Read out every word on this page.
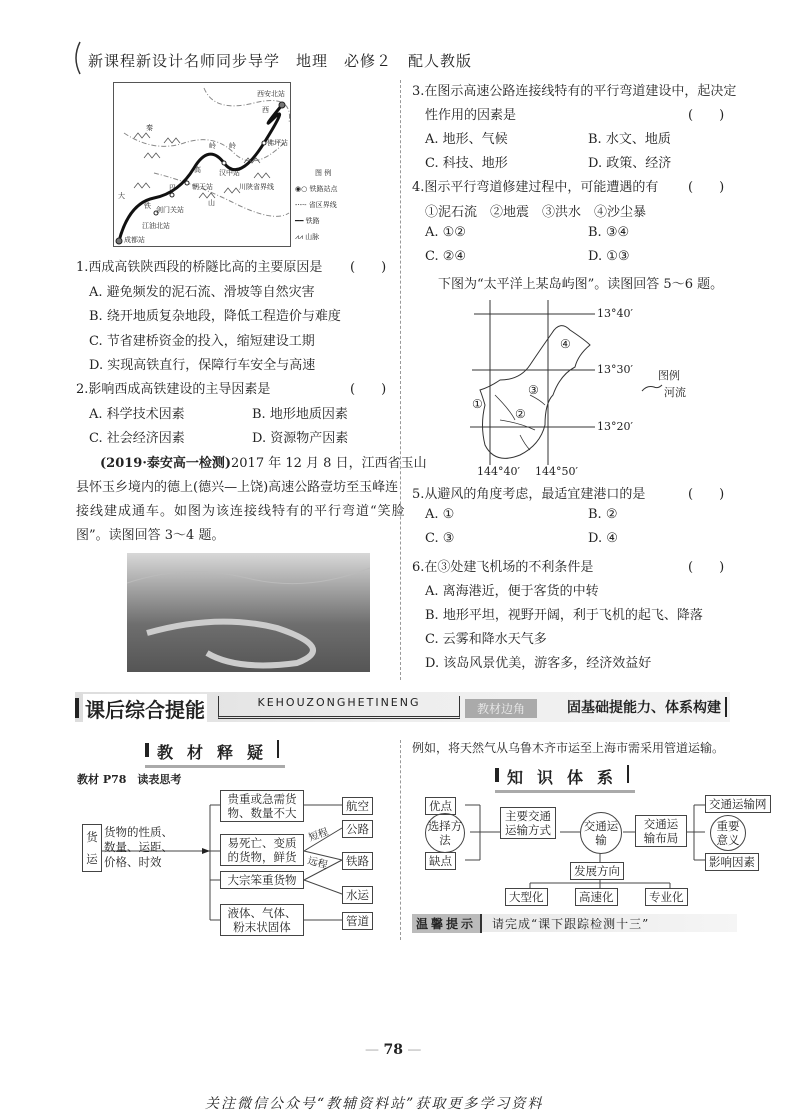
新课程新设计名师同步导学　地理　必修２　配人教版
西安北站
西
佛坪站
秦
岭 岭
汉中站
高
川陕省界线
大
巴
铁
朝天站
剑门关站
山
江油北站
成都站
图 例
◉○ 铁路站点
-·-·- 省区界线
━━ 铁路
⩘⩘ 山脉
1.西成高铁陕西段的桥隧比高的主要原因是 (　　)
A. 避免频发的泥石流、滑坡等自然灾害
B. 绕开地质复杂地段，降低工程造价与难度
C. 节省建桥资金的投入，缩短建设工期
D. 实现高铁直行，保障行车安全与高速
2.影响西成高铁建设的主导因素是	(　　)
A. 科学技术因素	B. 地形地质因素
C. 社会经济因素	D. 资源物产因素
(2019·泰安高一检测)2017 年 12 月 8 日，江西省玉山
县怀玉乡境内的德上(德兴—上饶)高速公路壹坊至玉峰连
接线建成通车。如图为该连接线特有的平行弯道“笑脸
图”。读图回答 3～4 题。
3.在图示高速公路连接线特有的平行弯道建设中，起决定
性作用的因素是	(　　)
A. 地形、气候	B. 水文、地质
C. 科技、地形	D. 政策、经济
4.图示平行弯道修建过程中，可能遭遇的有 (　　)
①泥石流　②地震　③洪水　④沙尘暴
A. ①②	B. ③④
C. ②④	D. ①③
下图为“太平洋上某岛屿图”。读图回答 5～6 题。
13°40′
13°30′
13°20′
144°40′ 144°50′
①
②
③
④
图例
河流
5.从避风的角度考虑，最适宜建港口的是	(　　)
A. ①	B. ②
C. ③	D. ④
6.在③处建飞机场的不利条件是	(　　)
A. 离海港近，便于客货的中转
B. 地形平坦，视野开阔，利于飞机的起飞、降落
C. 云雾和降水天气多
D. 该岛风景优美，游客多，经济效益好
课后综合提能	KEHOUZONGHETINENG	教材边角	固基础提能力、体系构建
教材释疑
教材 P78　读表思考
货
运
货物的性质、数量、运距、价格、时效
贵重或急需货物、数量不大
易死亡、变质的货物，鲜货
大宗笨重货物
液体、气体、粉末状固体
短程
远程
航空
公路
铁路
水运
管道
例如，将天然气从乌鲁木齐市运至上海市需采用管道运输。
知识体系
优点
选择方法
缺点
主要交通运输方式	交通运输
交通运输布局
交通运输网
重要意义
影响因素
发展方向
大型化	高速化	专业化
温馨提示	请完成“课下跟踪检测十三”
— 78 —
关注微信公众号“教辅资料站”获取更多学习资料
